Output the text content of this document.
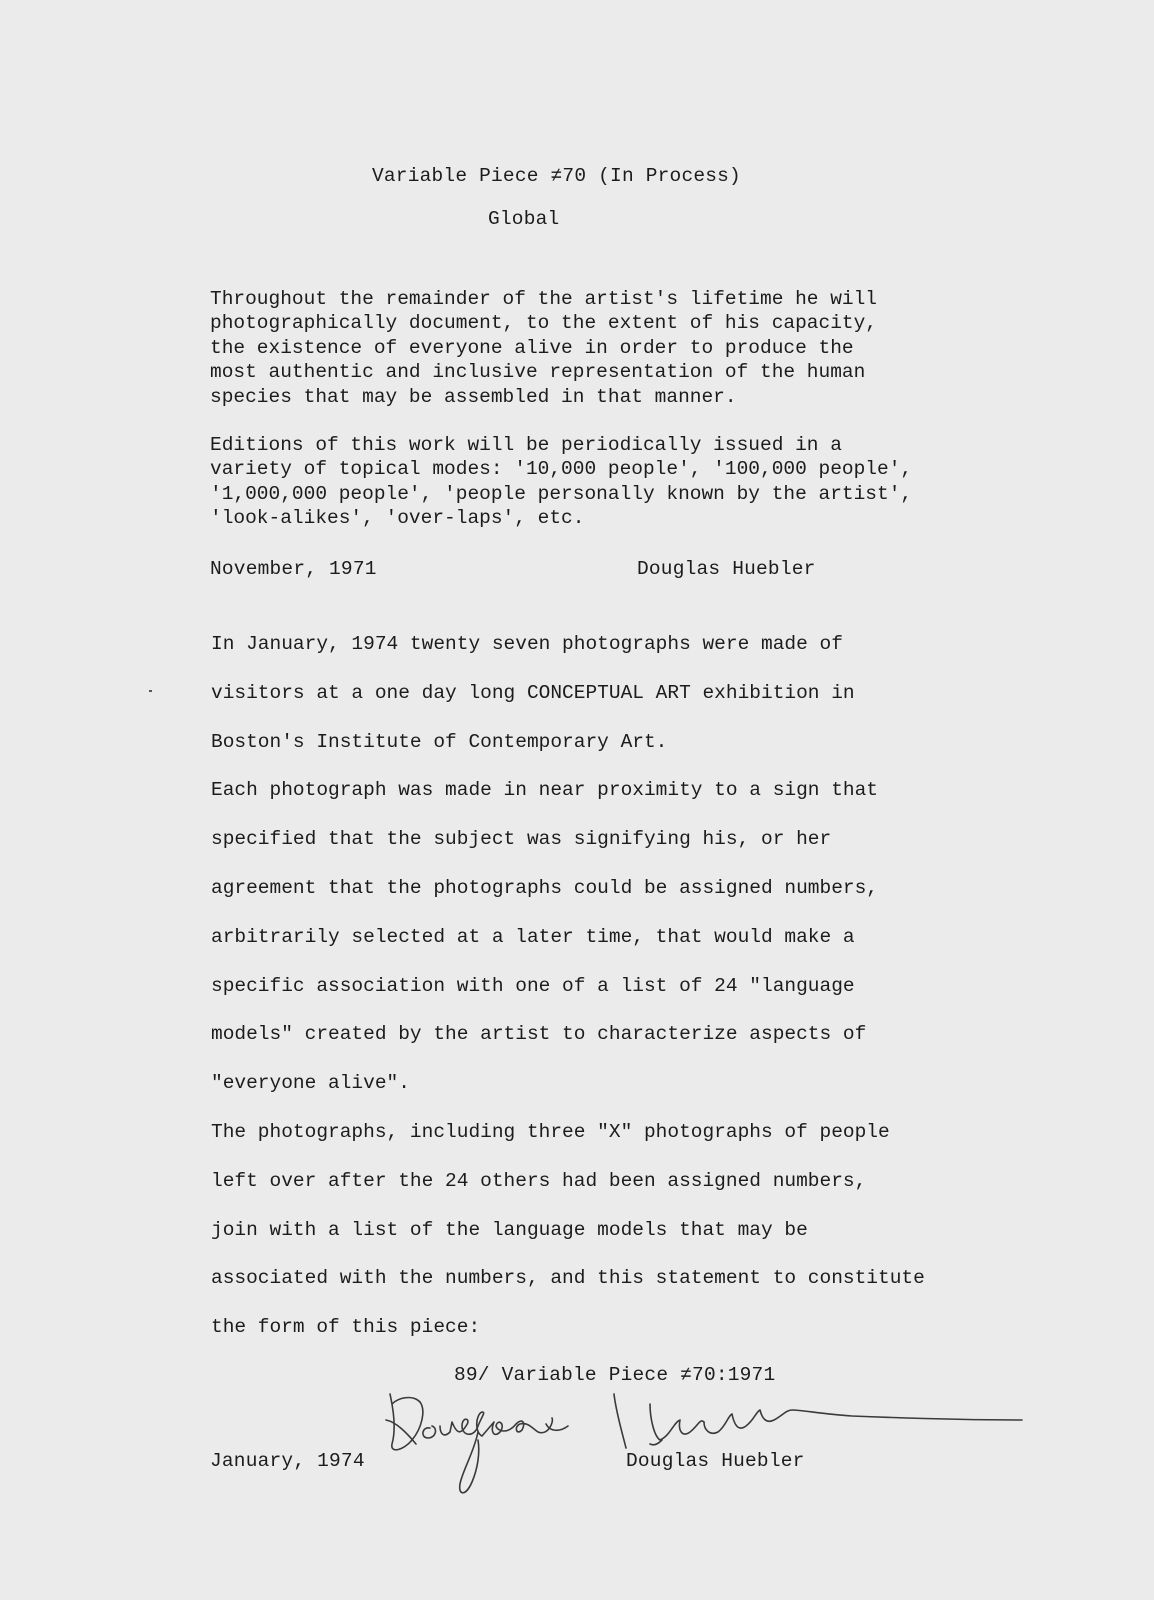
Variable Piece ≠70 (In Process)
Global
Throughout the remainder of the artist's lifetime he will
photographically document, to the extent of his capacity,
the existence of everyone alive in order to produce the
most authentic and inclusive representation of the human
species that may be assembled in that manner.
Editions of this work will be periodically issued in a
variety of topical modes: '10,000 people', '100,000 people',
'1,000,000 people', 'people personally known by the artist',
'look-alikes', 'over-laps', etc.
November, 1971	Douglas Huebler
In January, 1974 twenty seven photographs were made of
visitors at a one day long CONCEPTUAL ART exhibition in
Boston's Institute of Contemporary Art.
Each photograph was made in near proximity to a sign that
specified that the subject was signifying his, or her
agreement that the photographs could be assigned numbers,
arbitrarily selected at a later time, that would make a
specific association with one of a list of 24 "language
models" created by the artist to characterize aspects of
"everyone alive".
The photographs, including three "X" photographs of people
left over after the 24 others had been assigned numbers,
join with a list of the language models that may be
associated with the numbers, and this statement to constitute
the form of this piece:
89/ Variable Piece ≠70:1971
January, 1974	Douglas Huebler
